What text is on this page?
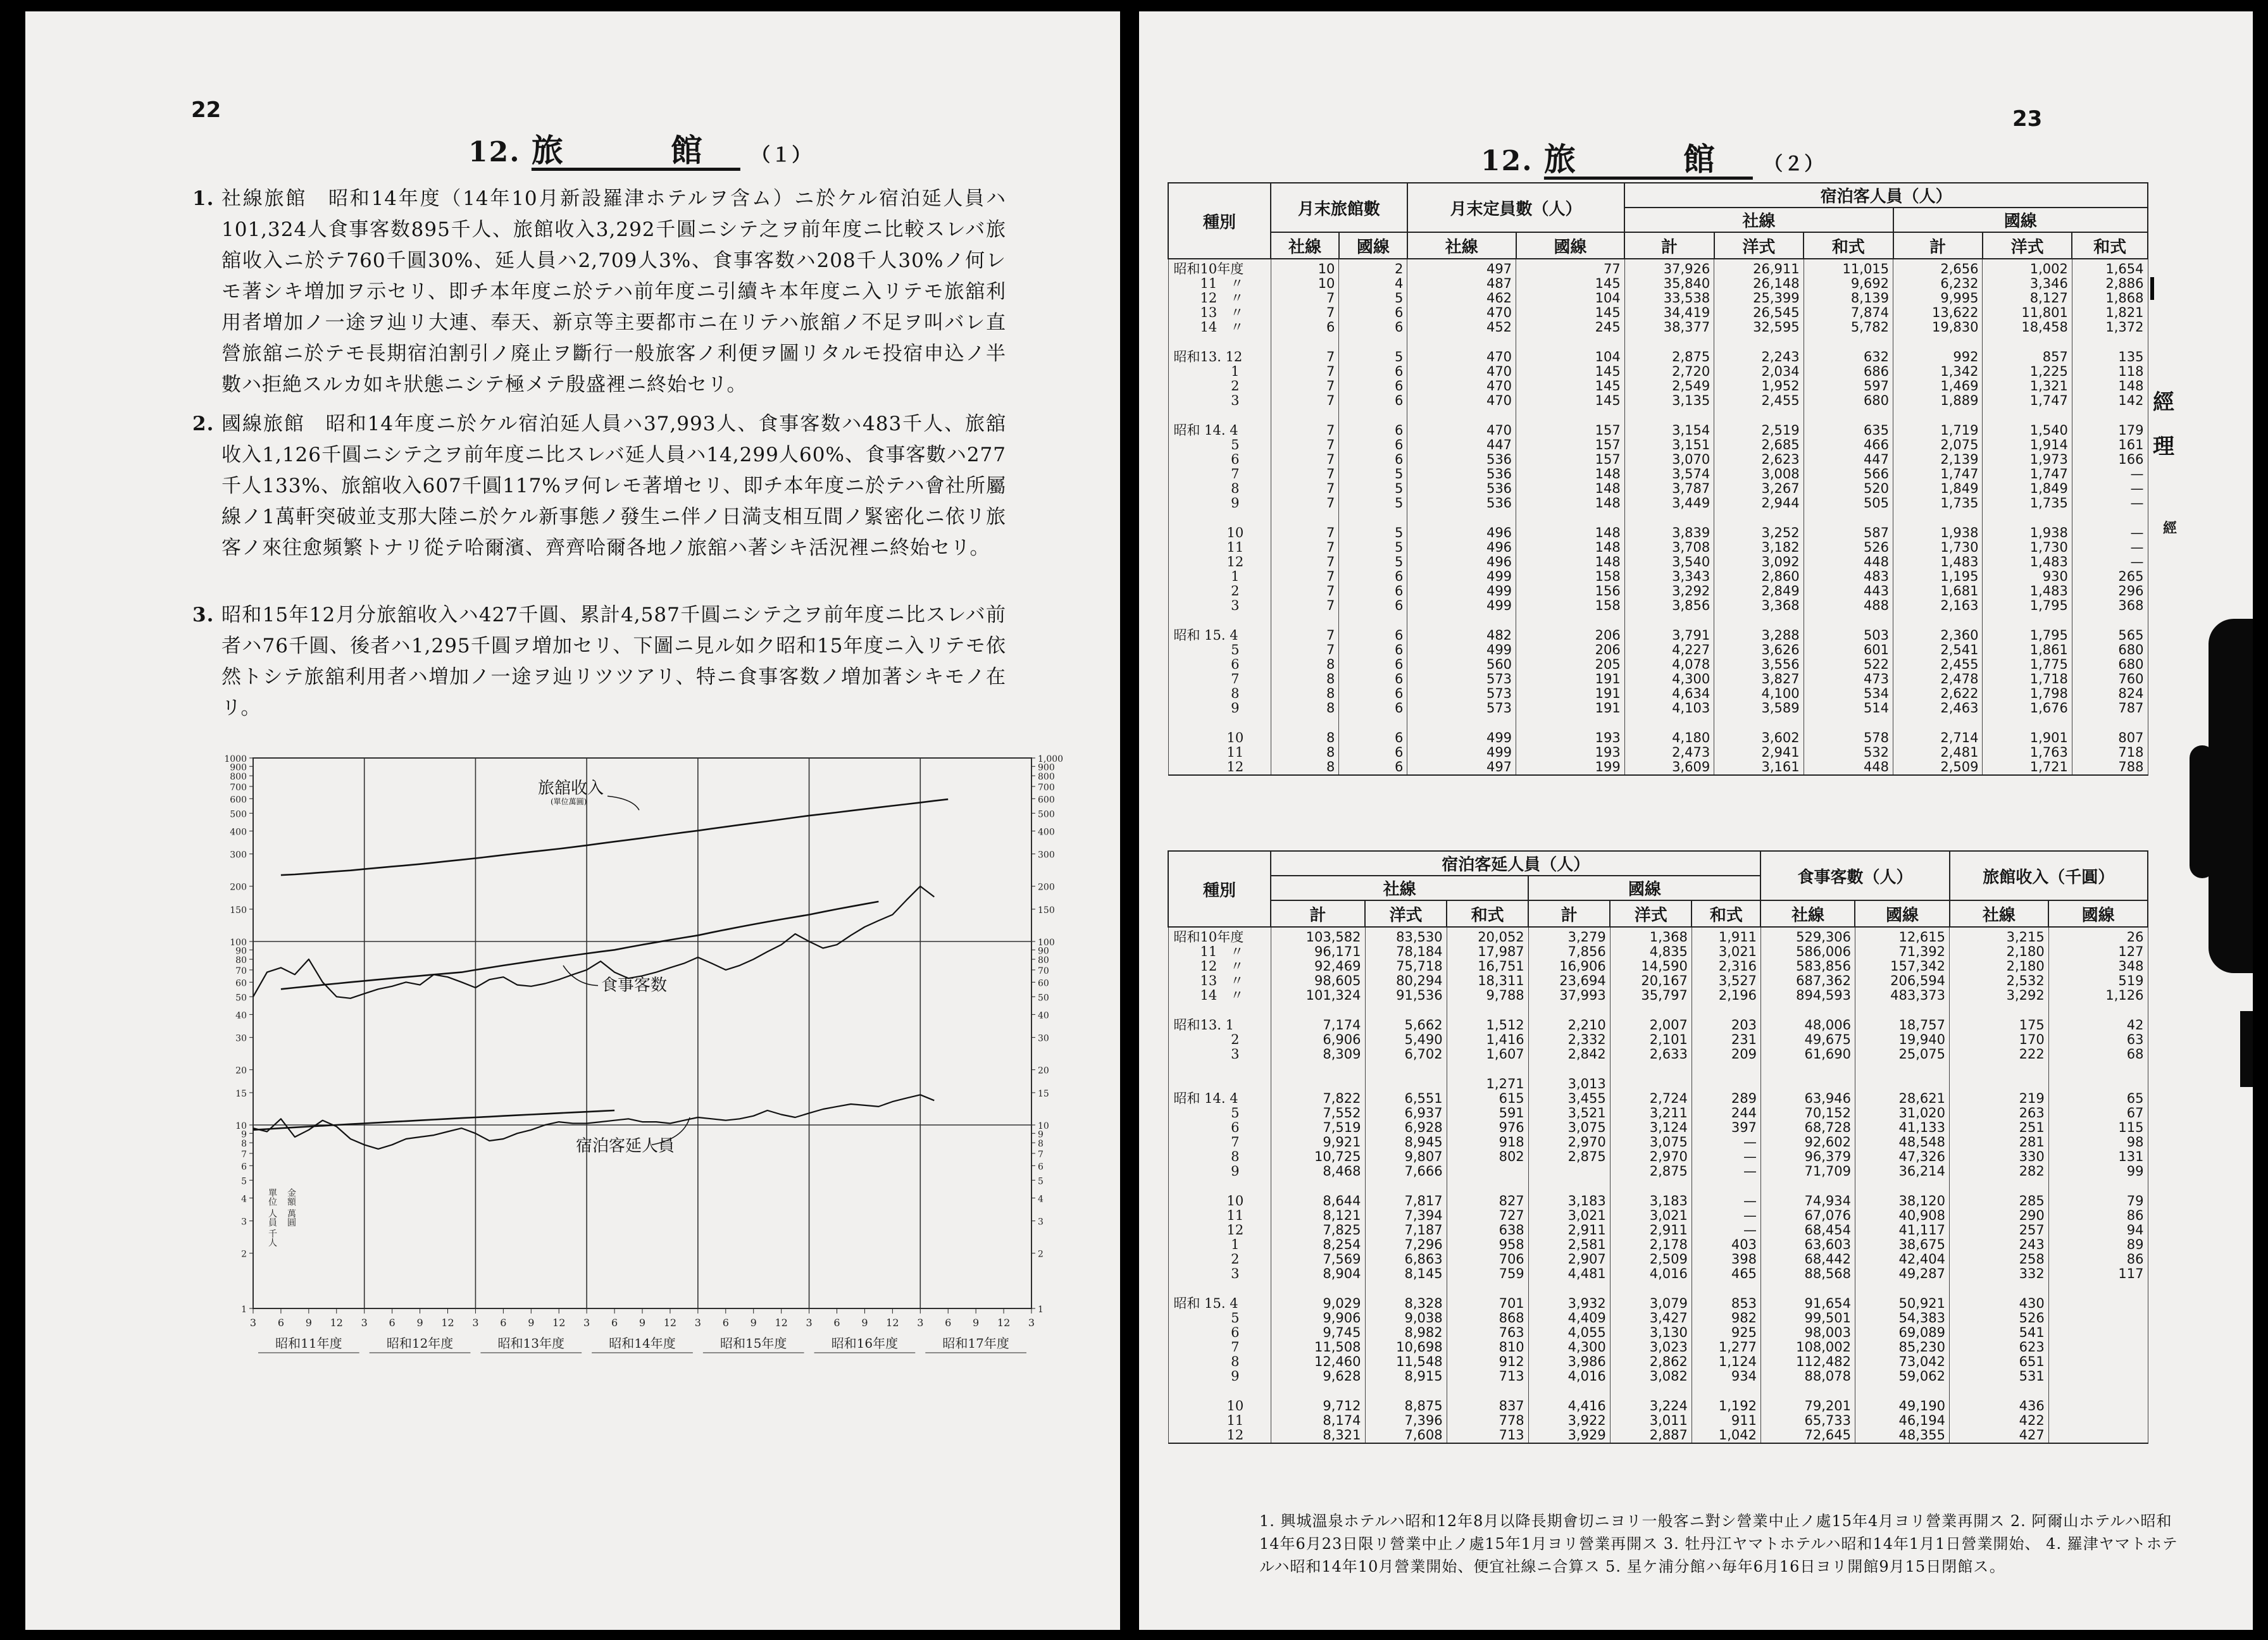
22
12. 旅　館 （１）
1. 社線旅館　昭和14年度（14年10月新設羅津ホテルヲ含ム）ニ於ケル宿泊延人員ハ101,324人食事客数895千人、旅館收入3,292千圓ニシテ之ヲ前年度ニ比較スレバ旅舘收入ニ於テ760千圓30%、延人員ハ2,709人3%、食事客数ハ208千人30%ノ何レモ著シキ増加ヲ示セリ、即チ本年度ニ於テハ前年度ニ引續キ本年度ニ入リテモ旅舘利用者増加ノ一途ヲ辿リ大連、奉天、新京等主要都市ニ在リテハ旅舘ノ不足ヲ叫バレ直營旅舘ニ於テモ長期宿泊割引ノ廃止ヲ斷行一般旅客ノ利便ヲ圖リタルモ投宿申込ノ半數ハ拒絶スルカ如キ狀態ニシテ極メテ殷盛裡ニ終始セリ。
2. 國線旅館　昭和14年度ニ於ケル宿泊延人員ハ37,993人、食事客数ハ483千人、旅舘收入1,126千圓ニシテ之ヲ前年度ニ比スレバ延人員ハ14,299人60%、食事客數ハ277千人133%、旅舘收入607千圓117%ヲ何レモ著増セリ、即チ本年度ニ於テハ會社所屬線ノ1萬軒突破並支那大陸ニ於ケル新事態ノ發生ニ伴ノ日満支相互間ノ緊密化ニ依リ旅客ノ來往愈頻繁トナリ從テ哈爾濱、齊齊哈爾各地ノ旅舘ハ著シキ活況裡ニ終始セリ。
3. 昭和15年12月分旅舘收入ハ427千圓、累計4,587千圓ニシテ之ヲ前年度ニ比スレバ前者ハ76千圓、後者ハ1,295千圓ヲ増加セリ、下圖ニ見ル如ク昭和15年度ニ入リテモ依然トシテ旅舘利用者ハ増加ノ一途ヲ辿リツツアリ、特ニ食事客数ノ増加著シキモノ在リ。
1000	1,000
900	900
800	800
700	700
600	600
500	500
400	400
300	300
200	200
150	150
100	100
90	90
80	80
70	70
60	60
50	50
40	40
30	30
20	20
15	15
10	10
9	9
8	8
7	7
6	6
5	5
4	4
3	3
2	2
1	1
3 6 9 12 3 6 9 12 3 6 9 12 3 6 9 12 3 6 9 12 3 6 9 12 3 6 9 12 3
昭和11年度	昭和12年度	昭和13年度	昭和14年度	昭和15年度	昭和16年度	昭和17年度
單位 人員 千人 金額 萬圓
旅舘收入
(單位萬圓)
食事客数
宿泊客延人員
23
12. 旅　館 （２）
種別	月末旅館數		月末定員數（人）		宿泊客人員（人）					
					社線			國線		
	社線	國線	社線	國線	計	洋式	和式	計	洋式	和式
昭和10年度	10	2	497	77	37,926	26,911	11,015	2,656	1,002	1,654
　　11　〃	10	4	487	145	35,840	26,148	9,692	6,232	3,346	2,886
　　12　〃	7	5	462	104	33,538	25,399	8,139	9,995	8,127	1,868
　　13　〃	7	6	470	145	34,419	26,545	7,874	13,622	11,801	1,821
　　14　〃	6	6	452	245	38,377	32,595	5,782	19,830	18,458	1,372

昭和13. 12	7	5	470	104	2,875	2,243	632	992	857	135
　　　　 1	7	6	470	145	2,720	2,034	686	1,342	1,225	118
　　　　 2	7	6	470	145	2,549	1,952	597	1,469	1,321	148
　　　　 3	7	6	470	145	3,135	2,455	680	1,889	1,747	142

昭和 14. 4	7	6	470	157	3,154	2,519	635	1,719	1,540	179
　　　　 5	7	6	447	157	3,151	2,685	466	2,075	1,914	161
　　　　 6	7	6	536	157	3,070	2,623	447	2,139	1,973	166
　　　　 7	7	5	536	148	3,574	3,008	566	1,747	1,747	—
　　　　 8	7	5	536	148	3,787	3,267	520	1,849	1,849	—
　　　　 9	7	5	536	148	3,449	2,944	505	1,735	1,735	—

　　　　10	7	5	496	148	3,839	3,252	587	1,938	1,938	—
　　　　11	7	5	496	148	3,708	3,182	526	1,730	1,730	—
　　　　12	7	5	496	148	3,540	3,092	448	1,483	1,483	—
　　　　 1	7	6	499	158	3,343	2,860	483	1,195	930	265
　　　　 2	7	6	499	156	3,292	2,849	443	1,681	1,483	296
　　　　 3	7	6	499	158	3,856	3,368	488	2,163	1,795	368

昭和 15. 4	7	6	482	206	3,791	3,288	503	2,360	1,795	565
　　　　 5	7	6	499	206	4,227	3,626	601	2,541	1,861	680
　　　　 6	8	6	560	205	4,078	3,556	522	2,455	1,775	680
　　　　 7	8	6	573	191	4,300	3,827	473	2,478	1,718	760
　　　　 8	8	6	573	191	4,634	4,100	534	2,622	1,798	824
　　　　 9	8	6	573	191	4,103	3,589	514	2,463	1,676	787

　　　　10	8	6	499	193	4,180	3,602	578	2,714	1,901	807
　　　　11	8	6	499	193	2,473	2,941	532	2,481	1,763	718
　　　　12	8	6	497	199	3,609	3,161	448	2,509	1,721	788
種別	宿泊客延人員（人）						食事客數（人）		旅館收入（千圓）	
	社線			國線						
	計	洋式	和式	計	洋式	和式	社線	國線	社線	國線
昭和10年度	103,582	83,530	20,052	3,279	1,368	1,911	529,306	12,615	3,215	26
　　11　〃	96,171	78,184	17,987	7,856	4,835	3,021	586,006	71,392	2,180	127
　　12　〃	92,469	75,718	16,751	16,906	14,590	2,316	583,856	157,342	2,180	348
　　13　〃	98,605	80,294	18,311	23,694	20,167	3,527	687,362	206,594	2,532	519
　　14　〃	101,324	91,536	9,788	37,993	35,797	2,196	894,593	483,373	3,292	1,126

昭和13. 1	7,174	5,662	1,512	2,210	2,007	203	48,006	18,757	175	42
　　　　 2	6,906	5,490	1,416	2,332	2,101	231	49,675	19,940	170	63
　　　　 3	8,309	6,702	1,607	2,842	2,633	209	61,690	25,075	222	68

			1,271	3,013						
昭和 14. 4	7,822	6,551	615	3,455	2,724	289	63,946	28,621	219	65
　　　　 5	7,552	6,937	591	3,521	3,211	244	70,152	31,020	263	67
　　　　 6	7,519	6,928	976	3,075	3,124	397	68,728	41,133	251	115
　　　　 7	9,921	8,945	918	2,970	3,075	—	92,602	48,548	281	98
　　　　 8	10,725	9,807	802	2,875	2,970	—	96,379	47,326	330	131
　　　　 9	8,468	7,666			2,875	—	71,709	36,214	282	99

　　　　10	8,644	7,817	827	3,183	3,183	—	74,934	38,120	285	79
　　　　11	8,121	7,394	727	3,021	3,021	—	67,076	40,908	290	86
　　　　12	7,825	7,187	638	2,911	2,911	—	68,454	41,117	257	94
　　　　 1	8,254	7,296	958	2,581	2,178	403	63,603	38,675	243	89
　　　　 2	7,569	6,863	706	2,907	2,509	398	68,442	42,404	258	86
　　　　 3	8,904	8,145	759	4,481	4,016	465	88,568	49,287	332	117

昭和 15. 4	9,029	8,328	701	3,932	3,079	853	91,654	50,921	430	
　　　　 5	9,906	9,038	868	4,409	3,427	982	99,501	54,383	526	
　　　　 6	9,745	8,982	763	4,055	3,130	925	98,003	69,089	541	
　　　　 7	11,508	10,698	810	4,300	3,023	1,277	108,002	85,230	623	
　　　　 8	12,460	11,548	912	3,986	2,862	1,124	112,482	73,042	651	
　　　　 9	9,628	8,915	713	4,016	3,082	934	88,078	59,062	531	

　　　　10	9,712	8,875	837	4,416	3,224	1,192	79,201	49,190	436	
　　　　11	8,174	7,396	778	3,922	3,011	911	65,733	46,194	422	
　　　　12	8,321	7,608	713	3,929	2,887	1,042	72,645	48,355	427	
1. 興城溫泉ホテルハ昭和12年8月以降長期會切ニヨリ一般客ニ對シ營業中止ノ處15年4月ヨリ營業再開ス 2. 阿爾山ホテルハ昭和14年6月23日限リ營業中止ノ處15年1月ヨリ營業再開ス 3. 牡丹江ヤマトホテルハ昭和14年1月1日營業開始、 4. 羅津ヤマトホテルハ昭和14年10月營業開始、便宜社線ニ合算ス 5. 星ケ浦分館ハ毎年6月16日ヨリ開館9月15日閉館ス。
經
理
經
